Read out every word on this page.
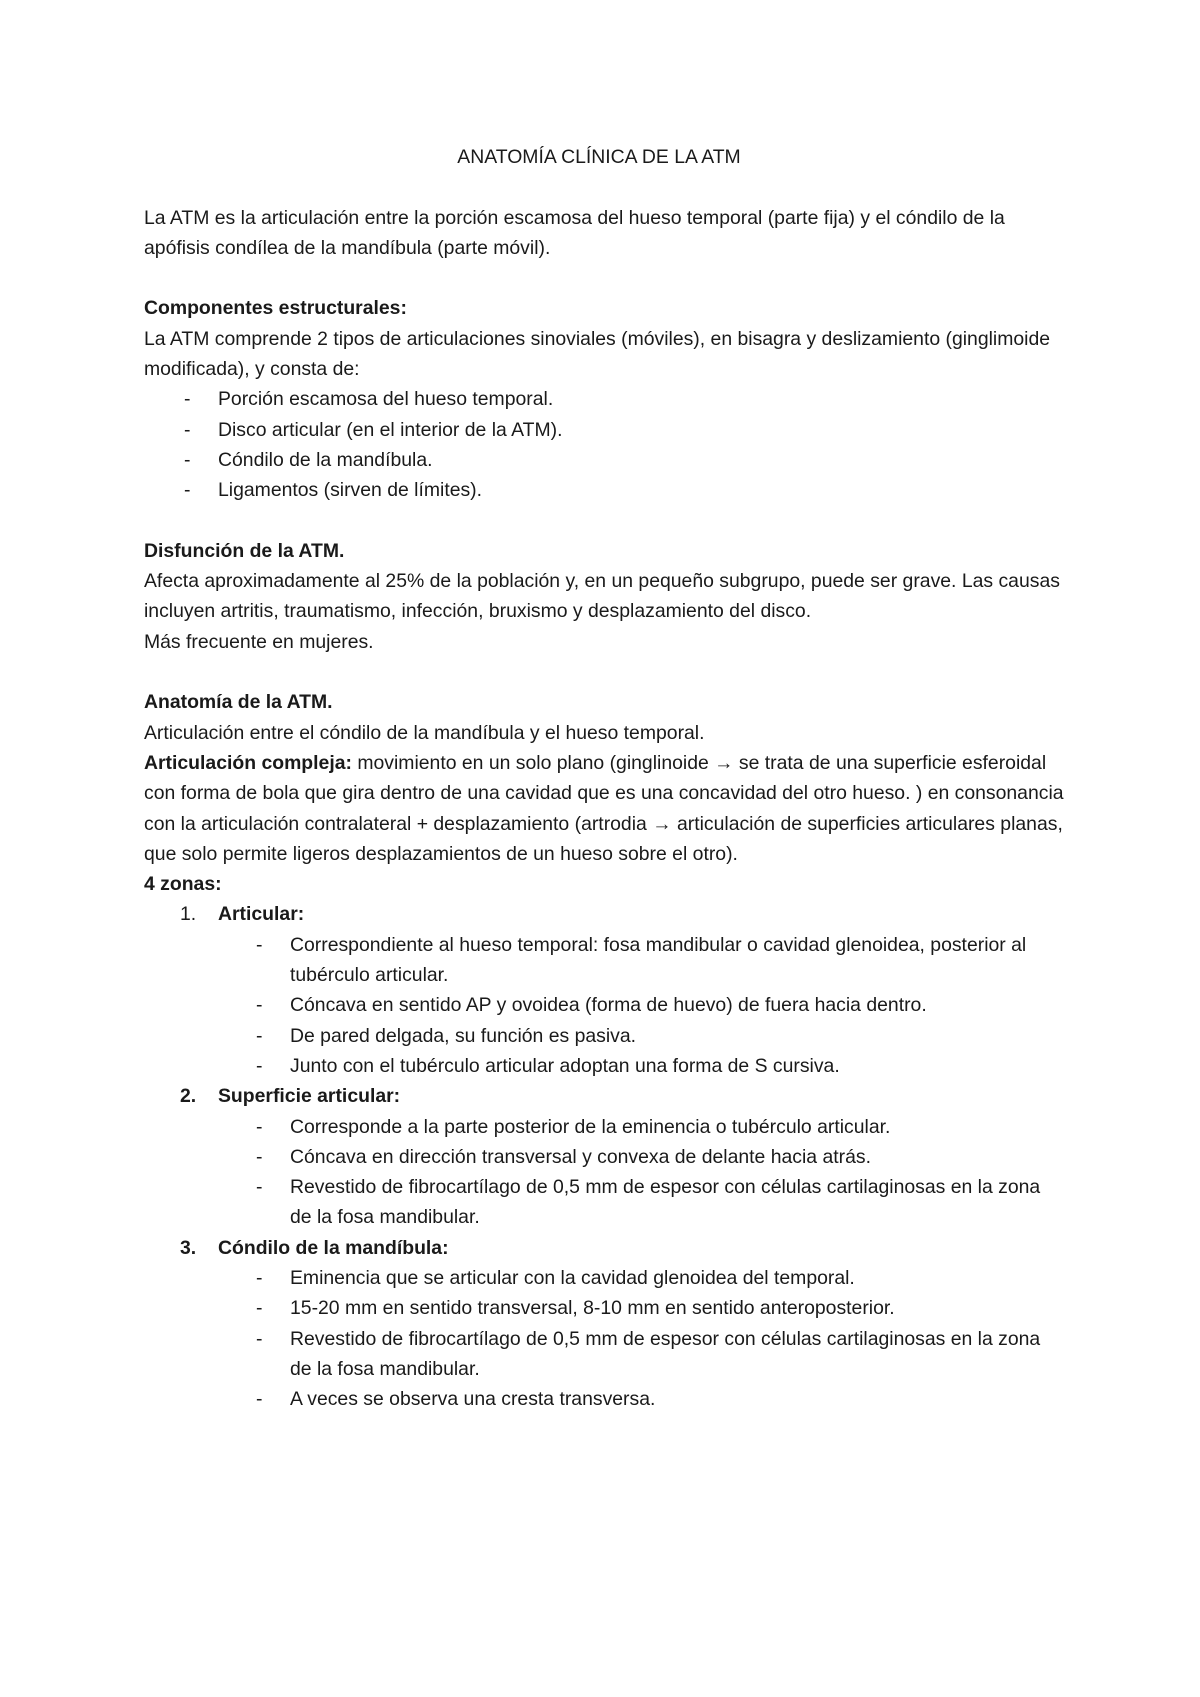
ANATOMÍA CLÍNICA DE LA ATM

La ATM es la articulación entre la porción escamosa del hueso temporal (parte fija) y el cóndilo de la apófisis condílea de la mandíbula (parte móvil).

Componentes estructurales:

La ATM comprende 2 tipos de articulaciones sinoviales (móviles), en bisagra y deslizamiento (ginglimoide modificada), y consta de:

- Porción escamosa del hueso temporal.
- Disco articular (en el interior de la ATM).
- Cóndilo de la mandíbula.
- Ligamentos (sirven de límites).

Disfunción de la ATM.

Afecta aproximadamente al 25% de la población y, en un pequeño subgrupo, puede ser grave. Las causas incluyen artritis, traumatismo, infección, bruxismo y desplazamiento del disco.

Más frecuente en mujeres.

Anatomía de la ATM.

Articulación entre el cóndilo de la mandíbula y el hueso temporal.

Articulación compleja: movimiento en un solo plano (ginglinoide → se trata de una superficie esferoidal con forma de bola que gira dentro de una cavidad que es una concavidad del otro hueso. ) en consonancia con la articulación contralateral + desplazamiento (artrodia → articulación de superficies articulares planas, que solo permite ligeros desplazamientos de un hueso sobre el otro).

4 zonas:

1.	Articular:
- Correspondiente al hueso temporal: fosa mandibular o cavidad glenoidea, posterior al tubérculo articular.
- Cóncava en sentido AP y ovoidea (forma de huevo) de fuera hacia dentro.
- De pared delgada, su función es pasiva.
- Junto con el tubérculo articular adoptan una forma de S cursiva.
2.	Superficie articular:
- Corresponde a la parte posterior de la eminencia o tubérculo articular.
- Cóncava en dirección transversal y convexa de delante hacia atrás.
- Revestido de fibrocartílago de 0,5 mm de espesor con células cartilaginosas en la zona de la fosa mandibular.
3.	Cóndilo de la mandíbula:
- Eminencia que se articular con la cavidad glenoidea del temporal.
- 15-20 mm en sentido transversal, 8-10 mm en sentido anteroposterior.
- Revestido de fibrocartílago de 0,5 mm de espesor con células cartilaginosas en la zona de la fosa mandibular.
- A veces se observa una cresta transversa.
